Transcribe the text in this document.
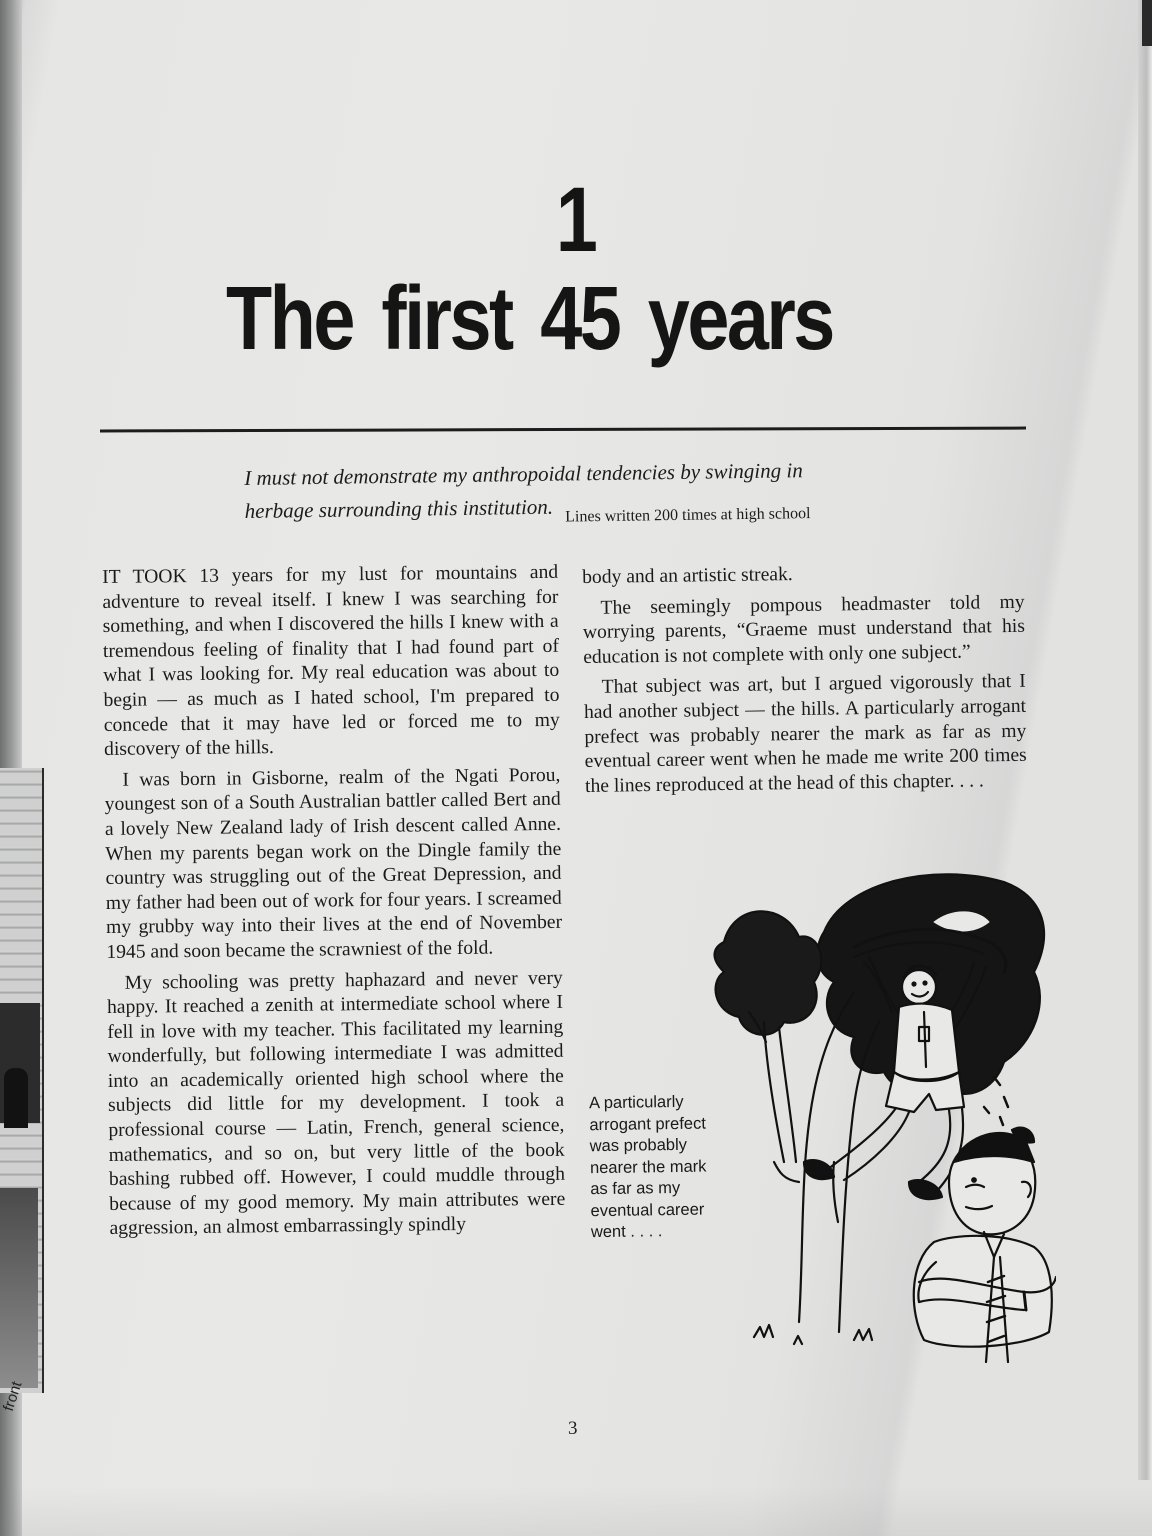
front
1
The first 45 years
I must not demonstrate my anthropoidal tendencies by swinging in
herbage surrounding this institution. $_{Lines written 200 times at high school}$

IT TOOK 13 years for my lust for mountains and adventure to reveal itself. I knew I was searching for something, and when I discovered the hills I knew with a tremendous feeling of finality that I had found part of what I was looking for. My real education was about to begin — as much as I hated school, I'm prepared to concede that it may have led or forced me to my discovery of the hills.

I was born in Gisborne, realm of the Ngati Porou, youngest son of a South Australian battler called Bert and a lovely New Zealand lady of Irish descent called Anne. When my parents began work on the Dingle family the country was struggling out of the Great Depression, and my father had been out of work for four years. I screamed my grubby way into their lives at the end of November 1945 and soon became the scrawniest of the fold.

My schooling was pretty haphazard and never very happy. It reached a zenith at intermediate school where I fell in love with my teacher. This facilitated my learning wonderfully, but following intermediate I was admitted into an academically oriented high school where the subjects did little for my development. I took a professional course — Latin, French, general science, mathematics, and so on, but very little of the book bashing rubbed off. However, I could muddle through because of my good memory. My main attributes were aggression, an almost embarrassingly spindly

body and an artistic streak.

The seemingly pompous headmaster told my worrying parents, “Graeme must understand that his education is not complete with only one subject.”

That subject was art, but I argued vigorously that I had another subject — the hills. A particularly arrogant prefect was probably nearer the mark as far as my eventual career went when he made me write 200 times the lines reproduced at the head of this chapter. . . .

A particularly
arrogant prefect
was probably
nearer the mark
as far as my
eventual career
went . . . .
3
